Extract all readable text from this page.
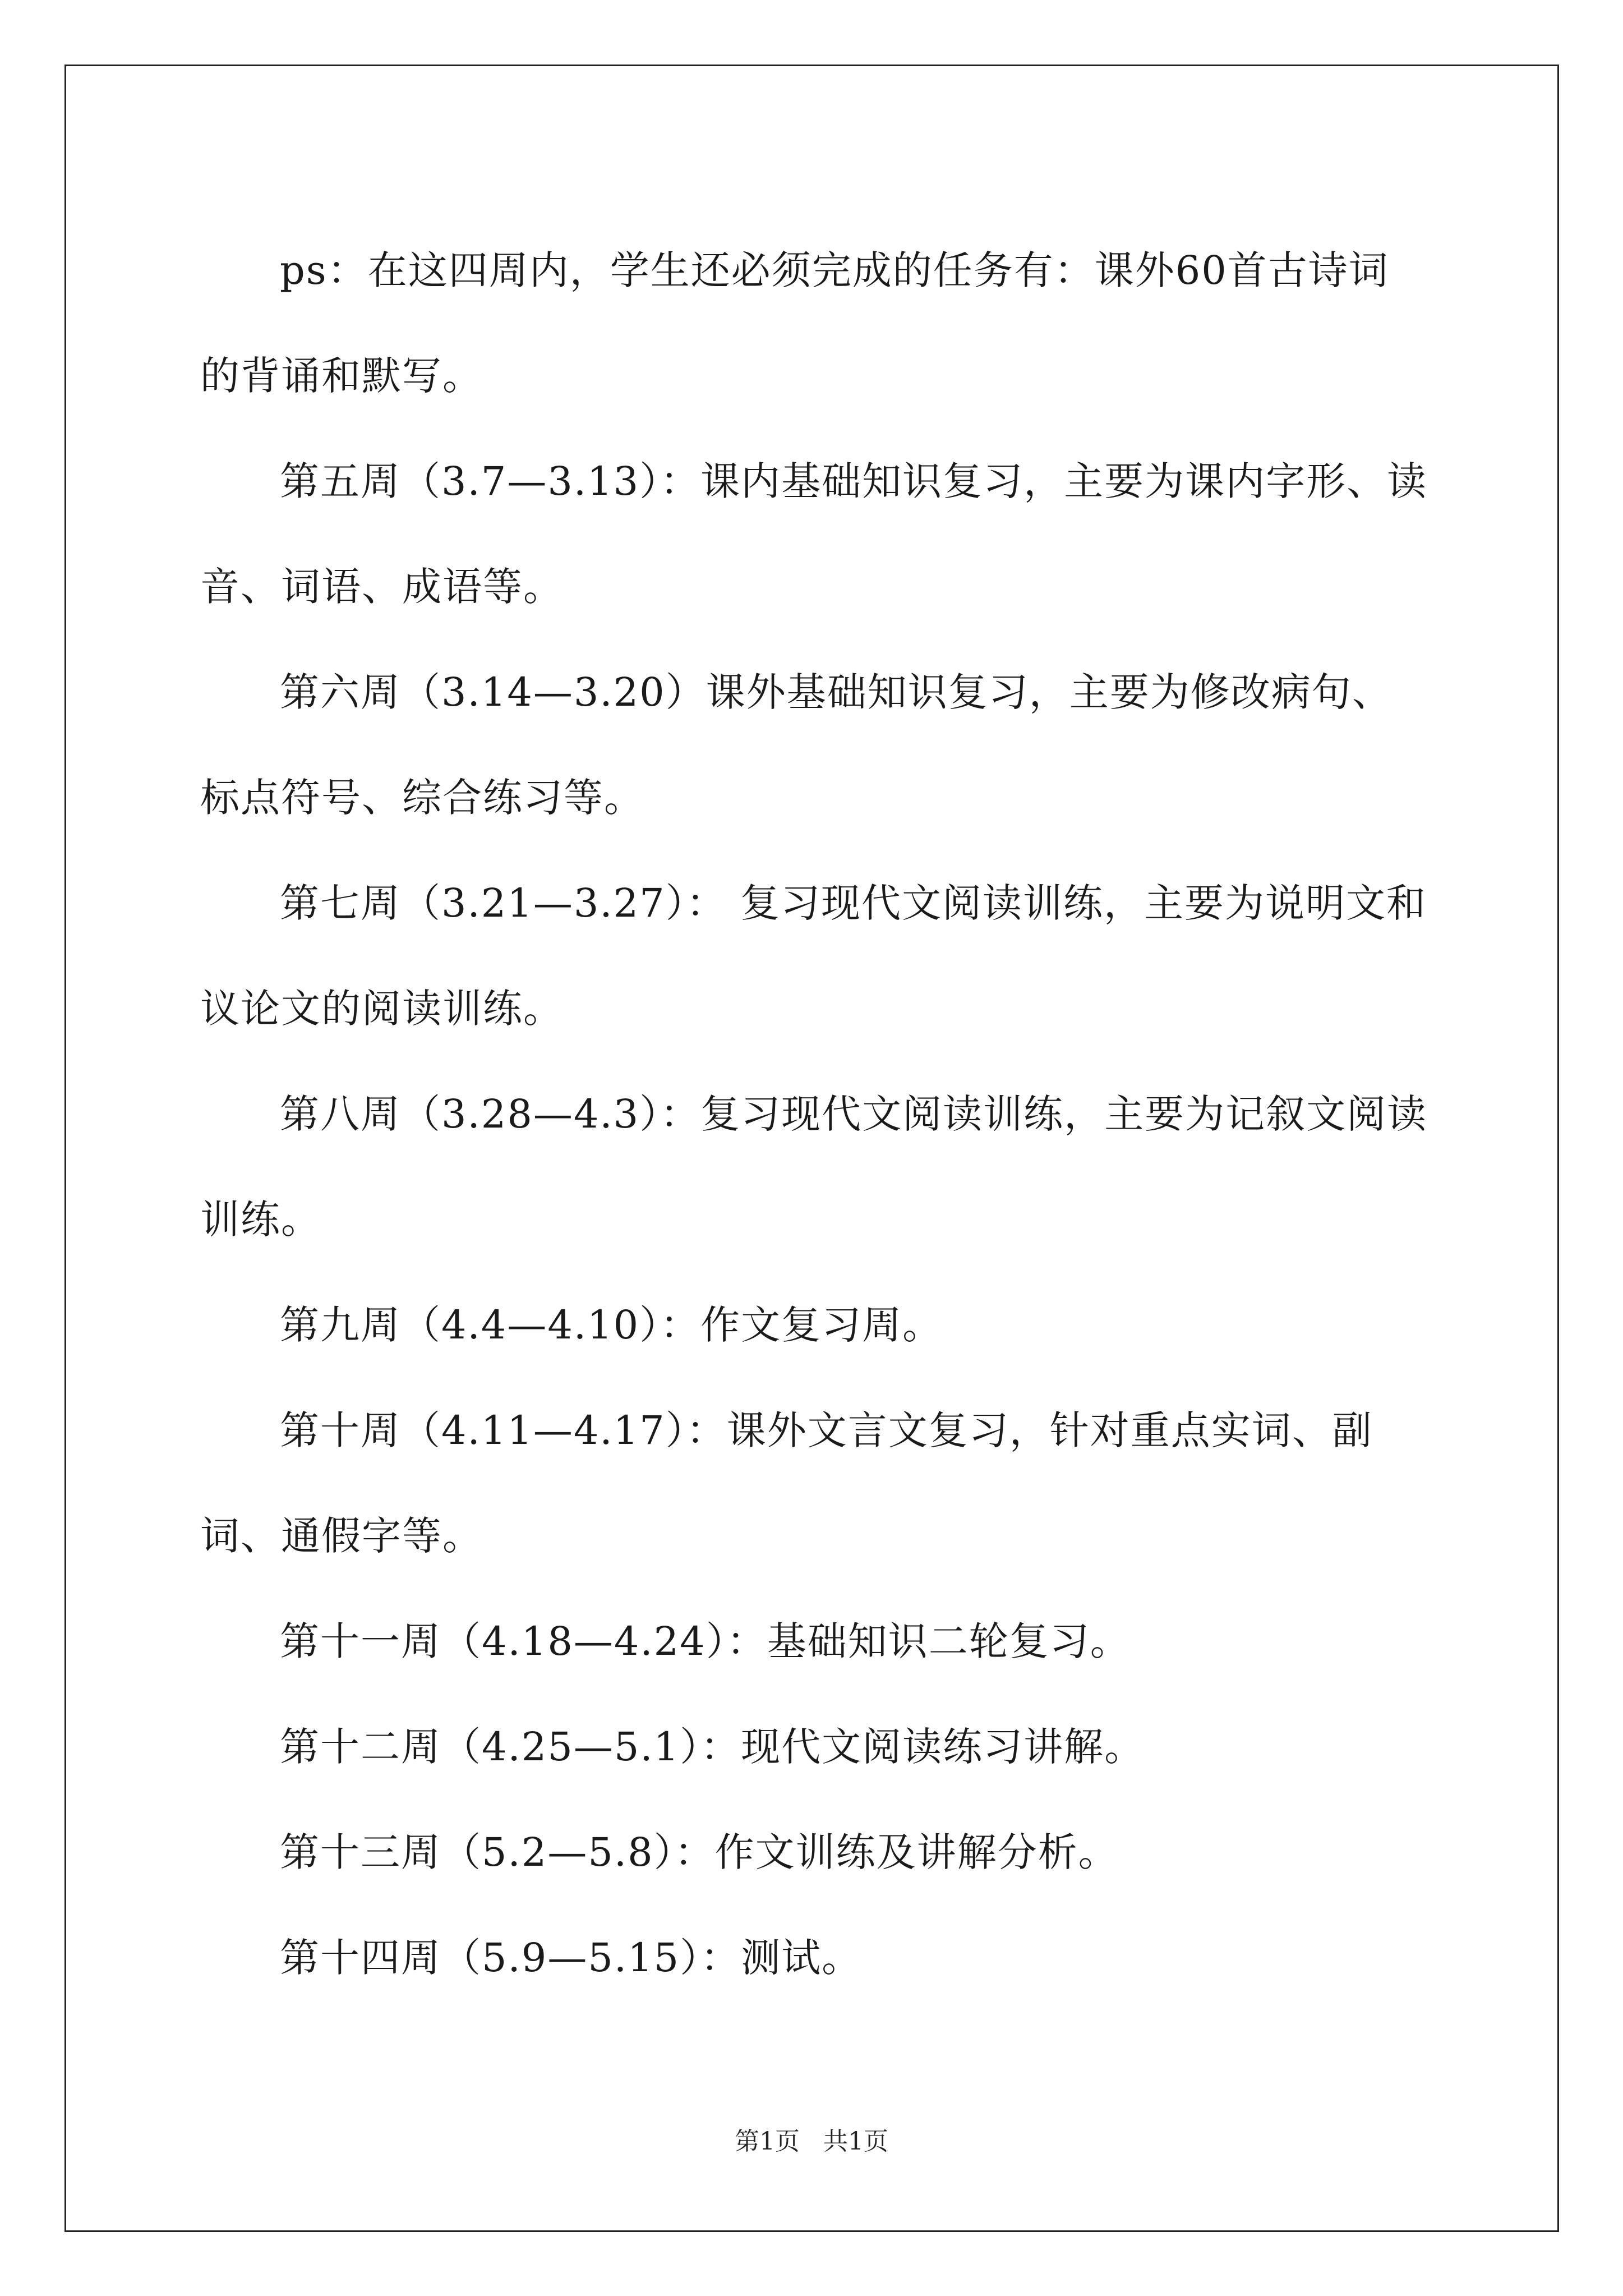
ps：在这四周内，学生还必须完成的任务有：课外60首古诗词的背诵和默写。

第五周（3.7—3.13）：课内基础知识复习，主要为课内字形、读音、词语、成语等。

第六周（3.14—3.20）课外基础知识复习，主要为修改病句、标点符号、综合练习等。

第七周（3.21—3.27）： 复习现代文阅读训练，主要为说明文和议论文的阅读训练。

第八周（3.28—4.3）：复习现代文阅读训练，主要为记叙文阅读训练。

第九周（4.4—4.10）：作文复习周。

第十周（4.11—4.17）：课外文言文复习，针对重点实词、副词、通假字等。

第十一周（4.18—4.24）：基础知识二轮复习。

第十二周（4.25—5.1）：现代文阅读练习讲解。

第十三周（5.2—5.8）：作文训练及讲解分析。

第十四周（5.9—5.15）：测试。

第1页   共1页
